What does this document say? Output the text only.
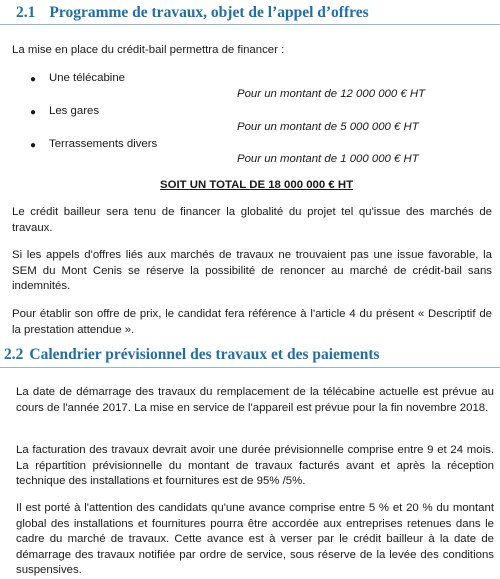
2.1 Programme de travaux, objet de l’appel d’offres
La mise en place du crédit-bail permettra de financer :
● Une télécabine
Pour un montant de 12 000 000 € HT
● Les gares
Pour un montant de 5 000 000 € HT
● Terrassements divers
Pour un montant de 1 000 000 € HT
SOIT UN TOTAL DE 18 000 000 € HT
Le crédit bailleur sera tenu de financer la globalité du projet tel qu'issue des marchés de travaux.
Si les appels d'offres liés aux marchés de travaux ne trouvaient pas une issue favorable, la SEM du Mont Cenis se réserve la possibilité de renoncer au marché de crédit-bail sans indemnités.
Pour établir son offre de prix, le candidat fera référence à l'article 4 du présent « Descriptif de la prestation attendue ».
2.2 Calendrier prévisionnel des travaux et des paiements
La date de démarrage des travaux du remplacement de la télécabine actuelle est prévue au cours de l'année 2017. La mise en service de l'appareil est prévue pour la fin novembre 2018.
La facturation des travaux devrait avoir une durée prévisionnelle comprise entre 9 et 24 mois. La répartition prévisionnelle du montant de travaux facturés avant et après la réception technique des installations et fournitures est de 95% /5%.
Il est porté à l'attention des candidats qu'une avance comprise entre 5 % et 20 % du montant global des installations et fournitures pourra être accordée aux entreprises retenues dans le cadre du marché de travaux. Cette avance est à verser par le crédit bailleur à la date de démarrage des travaux notifiée par ordre de service, sous réserve de la levée des conditions suspensives.
